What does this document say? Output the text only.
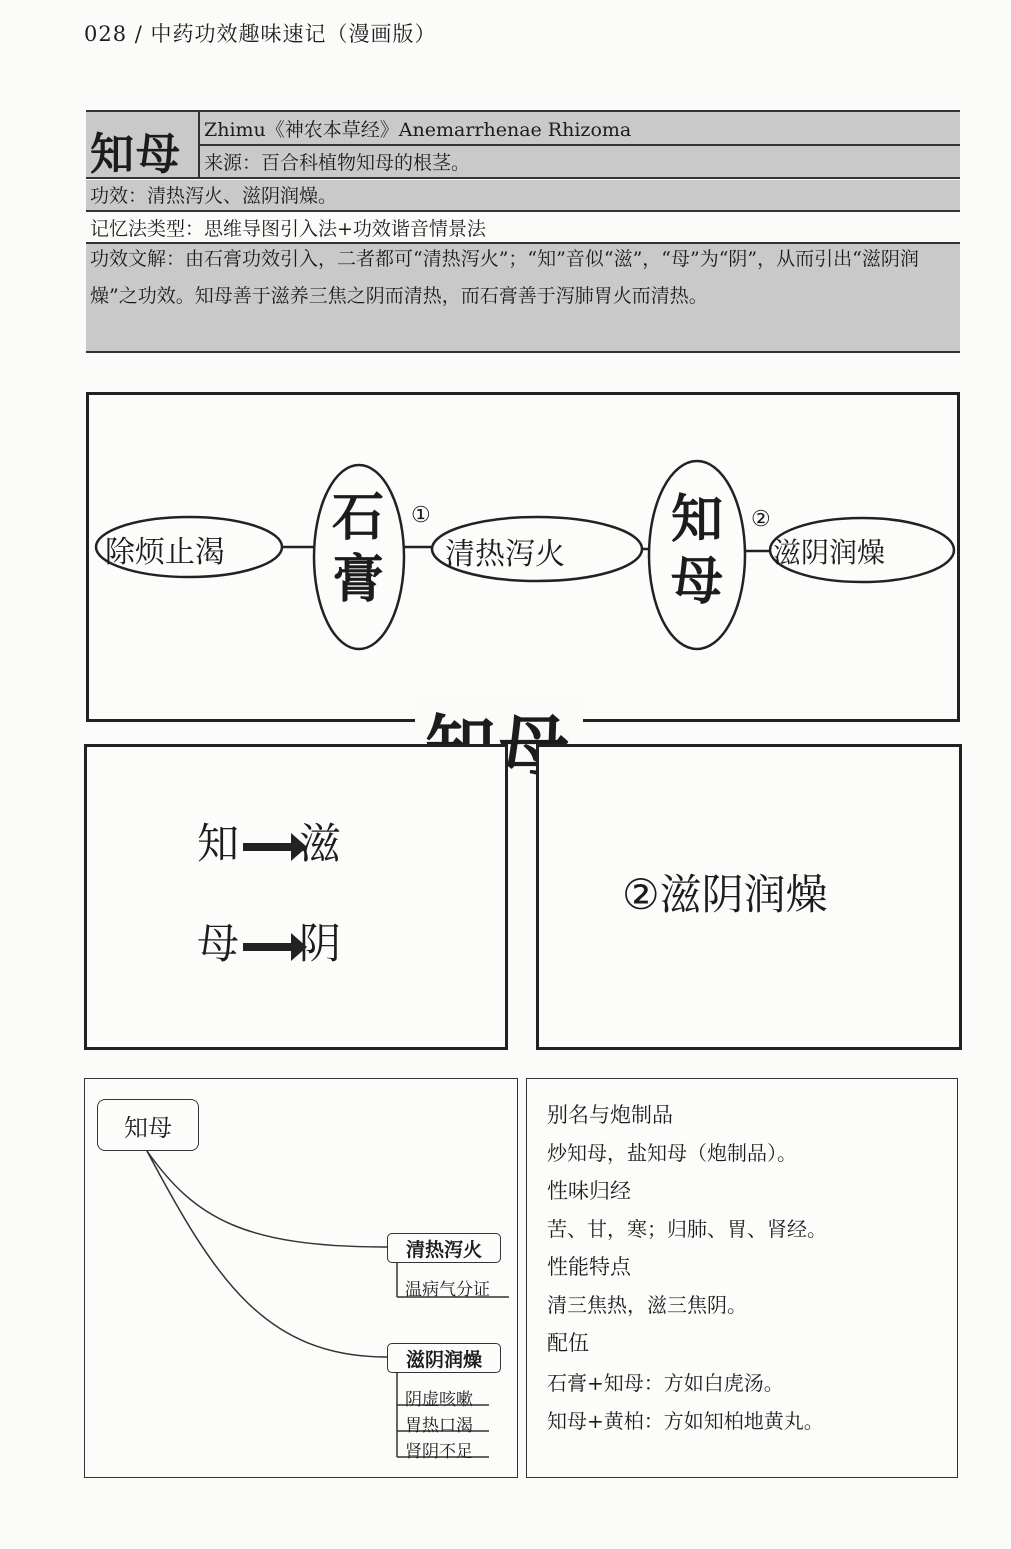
028 / 中药功效趣味速记（漫画版）
知母 Zhimu《神农本草经》Anemarrhenae Rhizoma
来源：百合科植物知母的根茎。
功效：清热泻火、滋阴润燥。
记忆法类型：思维导图引入法+功效谐音情景法
功效文解：由石膏功效引入，二者都可“清热泻火”；“知”音似“滋”，“母”为“阴”，从而引出“滋阴润燥”之功效。知母善于滋养三焦之阴而清热，而石膏善于泻肺胃火而清热。
除烦止渴
石
膏
①
清热泻火
知
母
②
滋阴润燥
知 滋
母 阴
②滋阴润燥
知母
清热泻火
温病气分证
滋阴润燥
阴虚咳嗽
胃热口渴
肾阴不足
别名与炮制品
炒知母，盐知母（炮制品）。
性味归经
苦、甘，寒；归肺、胃、肾经。
性能特点
清三焦热，滋三焦阴。
配伍
石膏+知母：方如白虎汤。
知母+黄柏：方如知柏地黄丸。
